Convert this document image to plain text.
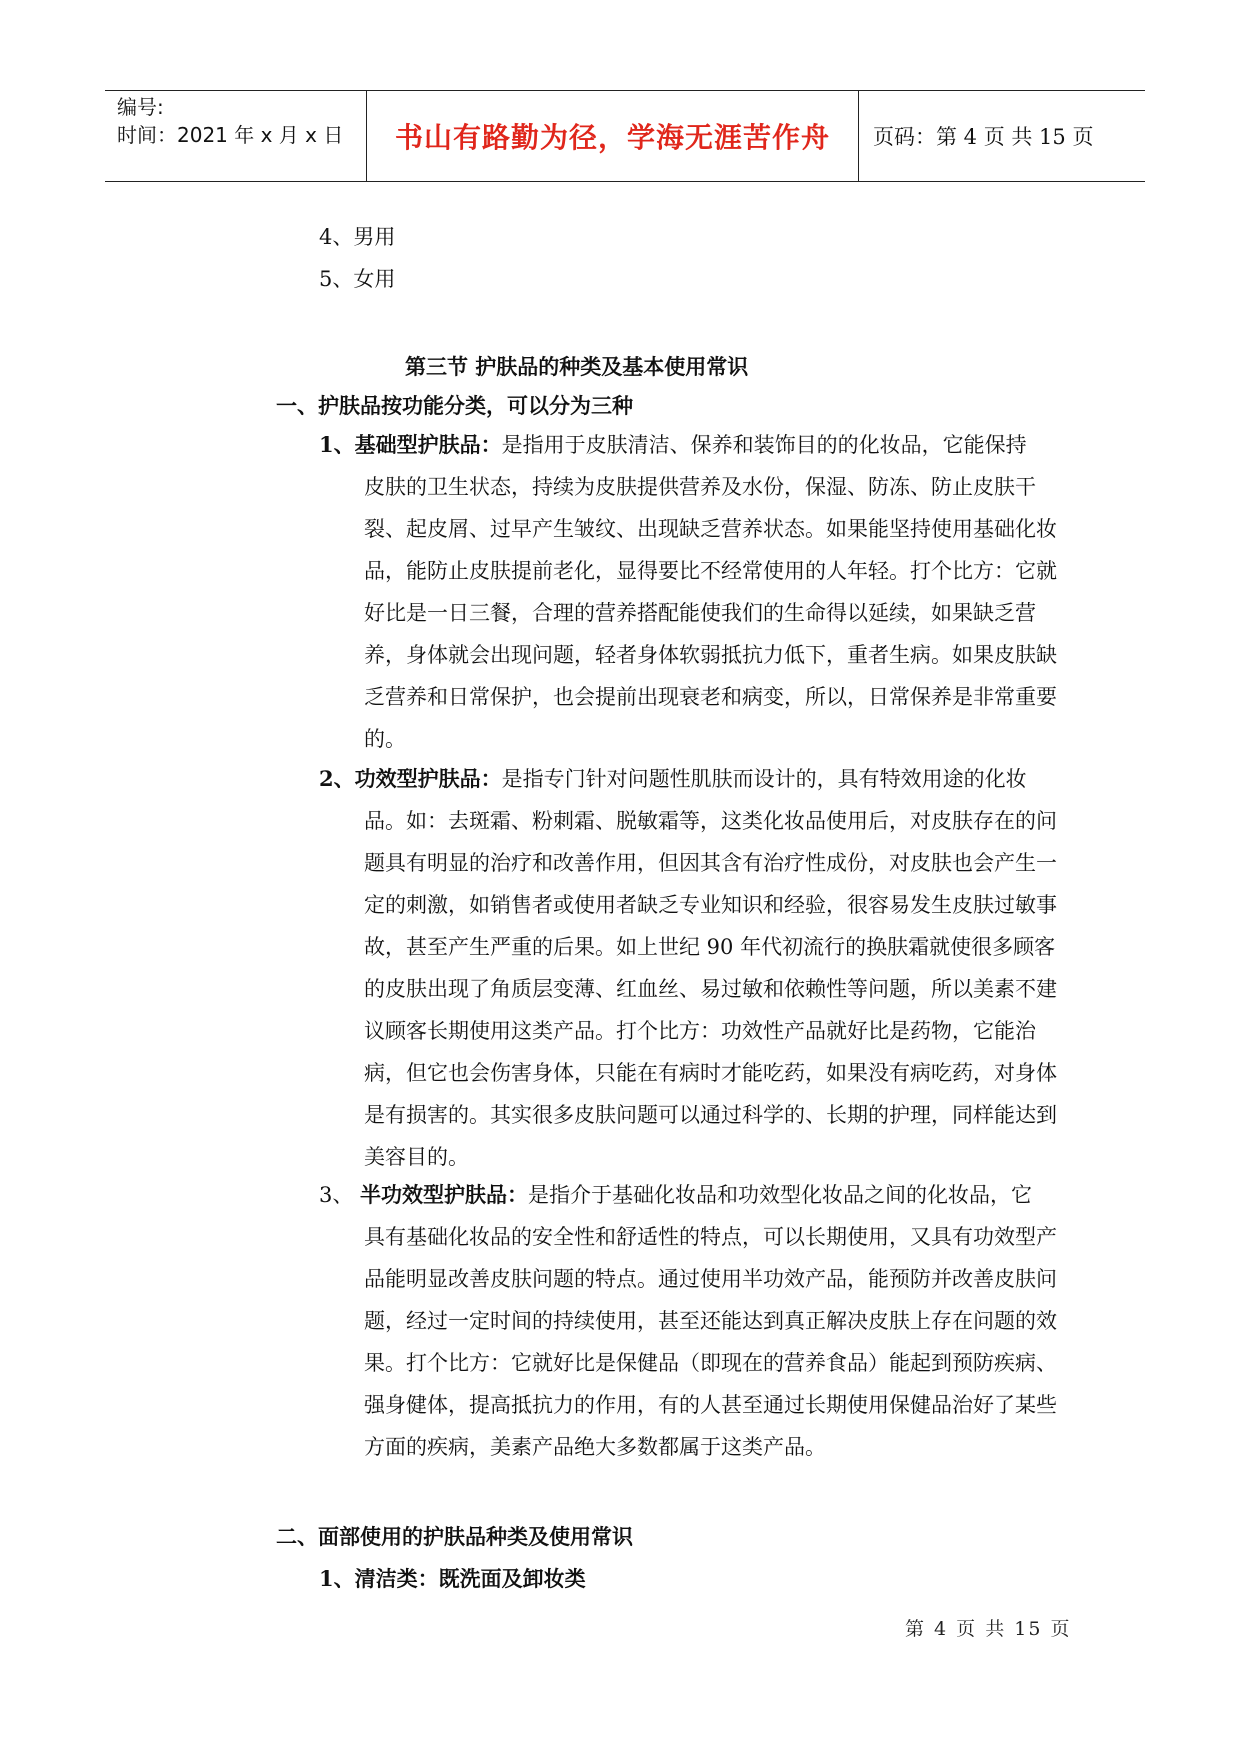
编号:
时间：2021 年 x 月 x 日	书山有路勤为径，学海无涯苦作舟	页码：第 4 页 共 15 页
4、男用
5、女用
第三节 护肤品的种类及基本使用常识
一、护肤品按功能分类，可以分为三种
1、基础型护肤品：是指用于皮肤清洁、保养和装饰目的的化妆品，它能保持
皮肤的卫生状态，持续为皮肤提供营养及水份，保湿、防冻、防止皮肤干裂、起皮屑、过早产生皱纹、出现缺乏营养状态。如果能坚持使用基础化妆品，能防止皮肤提前老化，显得要比不经常使用的人年轻。打个比方：它就好比是一日三餐，合理的营养搭配能使我们的生命得以延续，如果缺乏营养，身体就会出现问题，轻者身体软弱抵抗力低下，重者生病。如果皮肤缺乏营养和日常保护，也会提前出现衰老和病变，所以，日常保养是非常重要的。
2、功效型护肤品：是指专门针对问题性肌肤而设计的，具有特效用途的化妆
品。如：去斑霜、粉刺霜、脱敏霜等，这类化妆品使用后，对皮肤存在的问题具有明显的治疗和改善作用，但因其含有治疗性成份，对皮肤也会产生一定的刺激，如销售者或使用者缺乏专业知识和经验，很容易发生皮肤过敏事故，甚至产生严重的后果。如上世纪 90 年代初流行的换肤霜就使很多顾客的皮肤出现了角质层变薄、红血丝、易过敏和依赖性等问题，所以美素不建议顾客长期使用这类产品。打个比方：功效性产品就好比是药物，它能治病，但它也会伤害身体，只能在有病时才能吃药，如果没有病吃药，对身体是有损害的。其实很多皮肤问题可以通过科学的、长期的护理，同样能达到美容目的。
3、 半功效型护肤品：是指介于基础化妆品和功效型化妆品之间的化妆品，它
具有基础化妆品的安全性和舒适性的特点，可以长期使用，又具有功效型产品能明显改善皮肤问题的特点。通过使用半功效产品，能预防并改善皮肤问题，经过一定时间的持续使用，甚至还能达到真正解决皮肤上存在问题的效果。打个比方：它就好比是保健品（即现在的营养食品）能起到预防疾病、强身健体，提高抵抗力的作用，有的人甚至通过长期使用保健品治好了某些方面的疾病，美素产品绝大多数都属于这类产品。
二、面部使用的护肤品种类及使用常识
1、清洁类：既洗面及卸妆类
第 4 页 共 15 页
